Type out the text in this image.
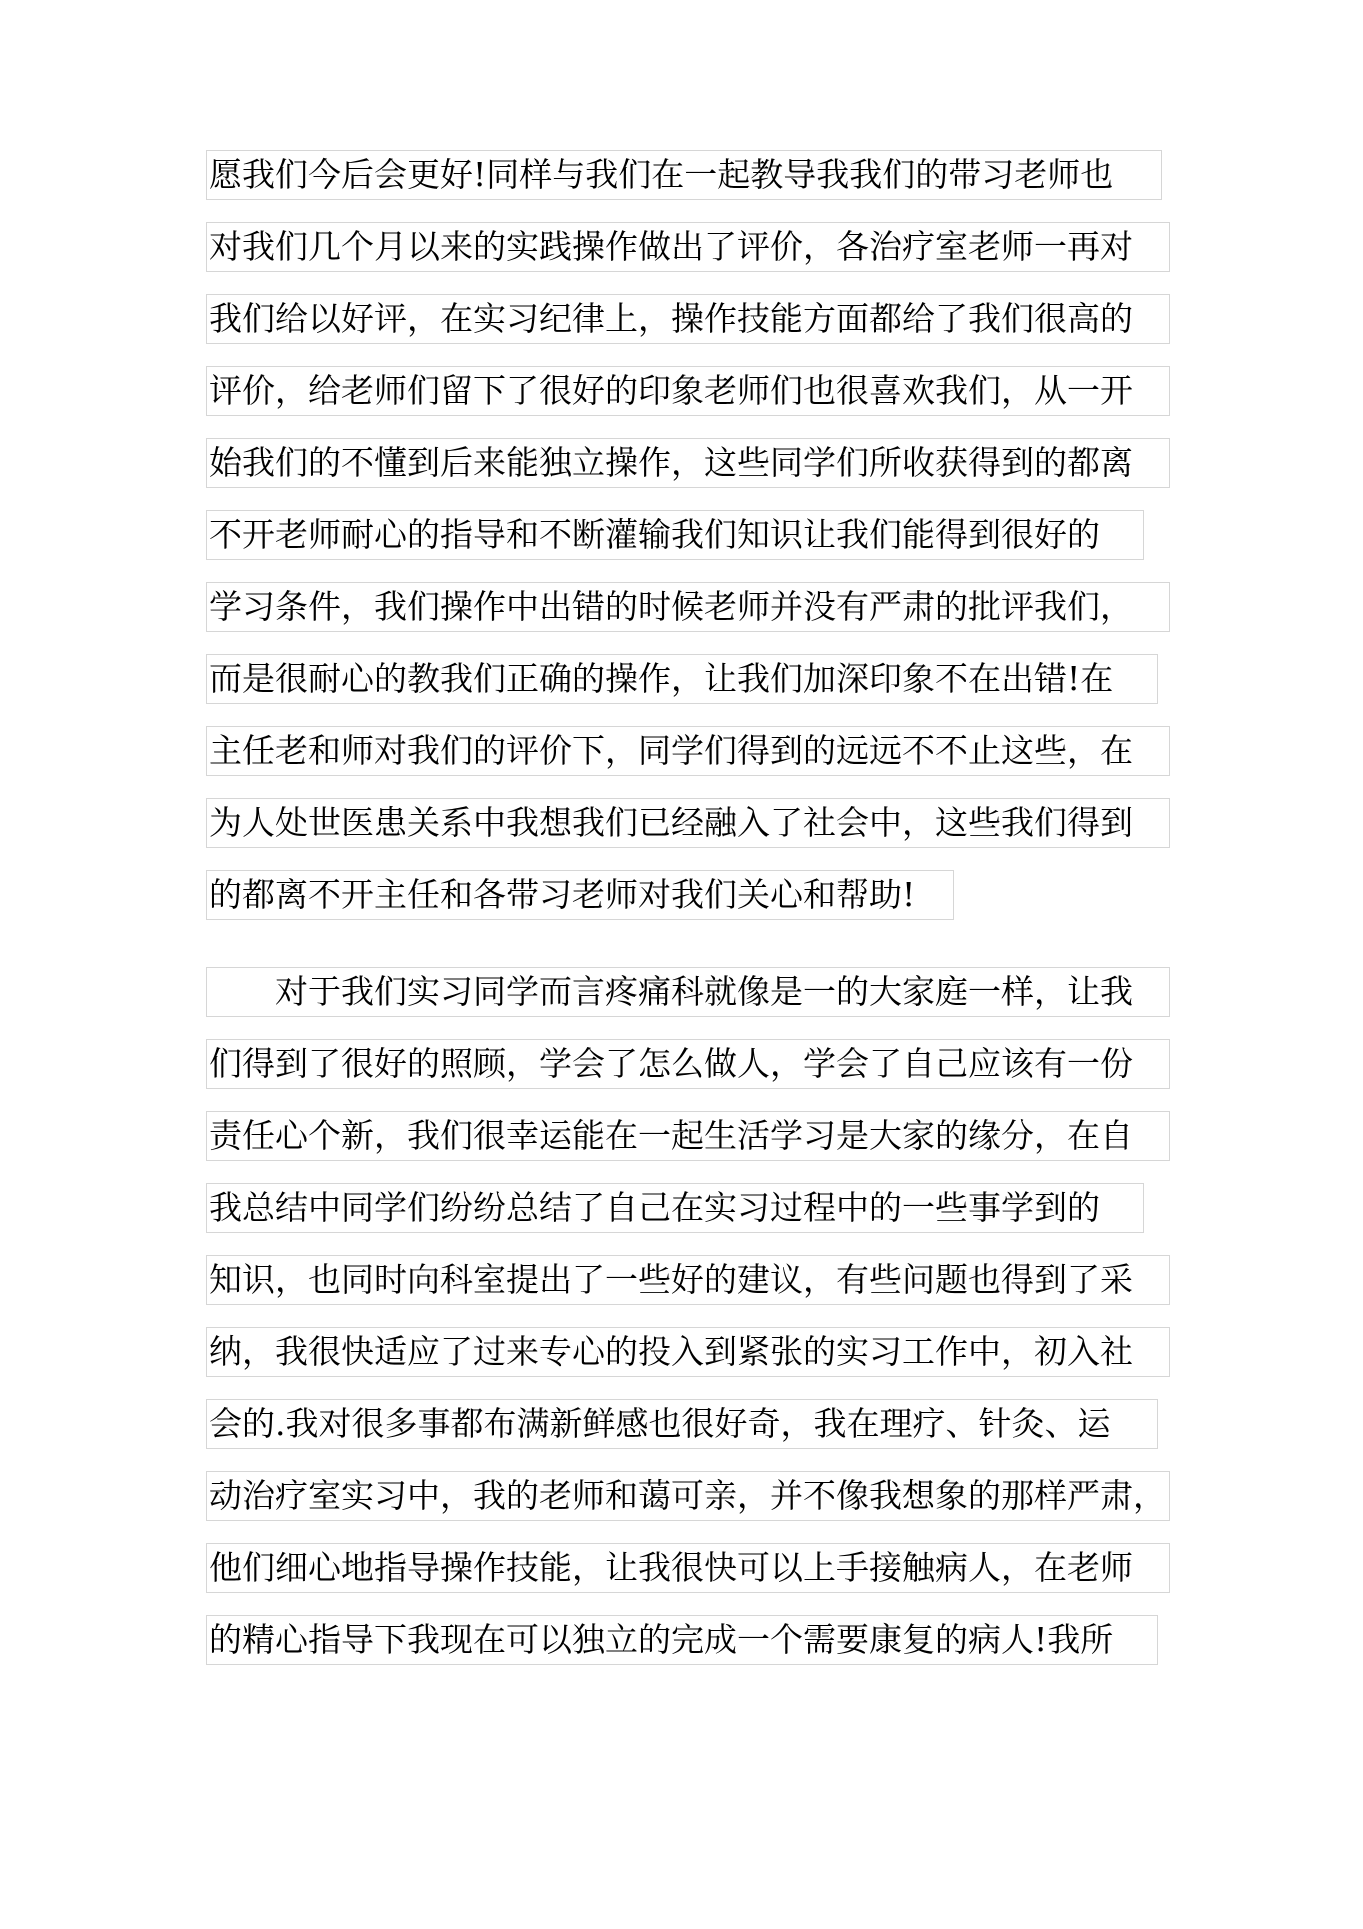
愿我们今后会更好!同样与我们在一起教导我我们的带习老师也
对我们几个月以来的实践操作做出了评价，各治疗室老师一再对
我们给以好评，在实习纪律上，操作技能方面都给了我们很高的
评价，给老师们留下了很好的印象老师们也很喜欢我们，从一开
始我们的不懂到后来能独立操作，这些同学们所收获得到的都离
不开老师耐心的指导和不断灌输我们知识让我们能得到很好的
学习条件，我们操作中出错的时候老师并没有严肃的批评我们，
而是很耐心的教我们正确的操作，让我们加深印象不在出错!在
主任老和师对我们的评价下，同学们得到的远远不不止这些，在
为人处世医患关系中我想我们已经融入了社会中，这些我们得到
的都离不开主任和各带习老师对我们关心和帮助!
　　对于我们实习同学而言疼痛科就像是一的大家庭一样，让我
们得到了很好的照顾，学会了怎么做人，学会了自己应该有一份
责任心个新，我们很幸运能在一起生活学习是大家的缘分，在自
我总结中同学们纷纷总结了自己在实习过程中的一些事学到的
知识，也同时向科室提出了一些好的建议，有些问题也得到了采
纳，我很快适应了过来专心的投入到紧张的实习工作中，初入社
会的.我对很多事都布满新鲜感也很好奇，我在理疗、针灸、运
动治疗室实习中，我的老师和蔼可亲，并不像我想象的那样严肃，
他们细心地指导操作技能，让我很快可以上手接触病人，在老师
的精心指导下我现在可以独立的完成一个需要康复的病人!我所
